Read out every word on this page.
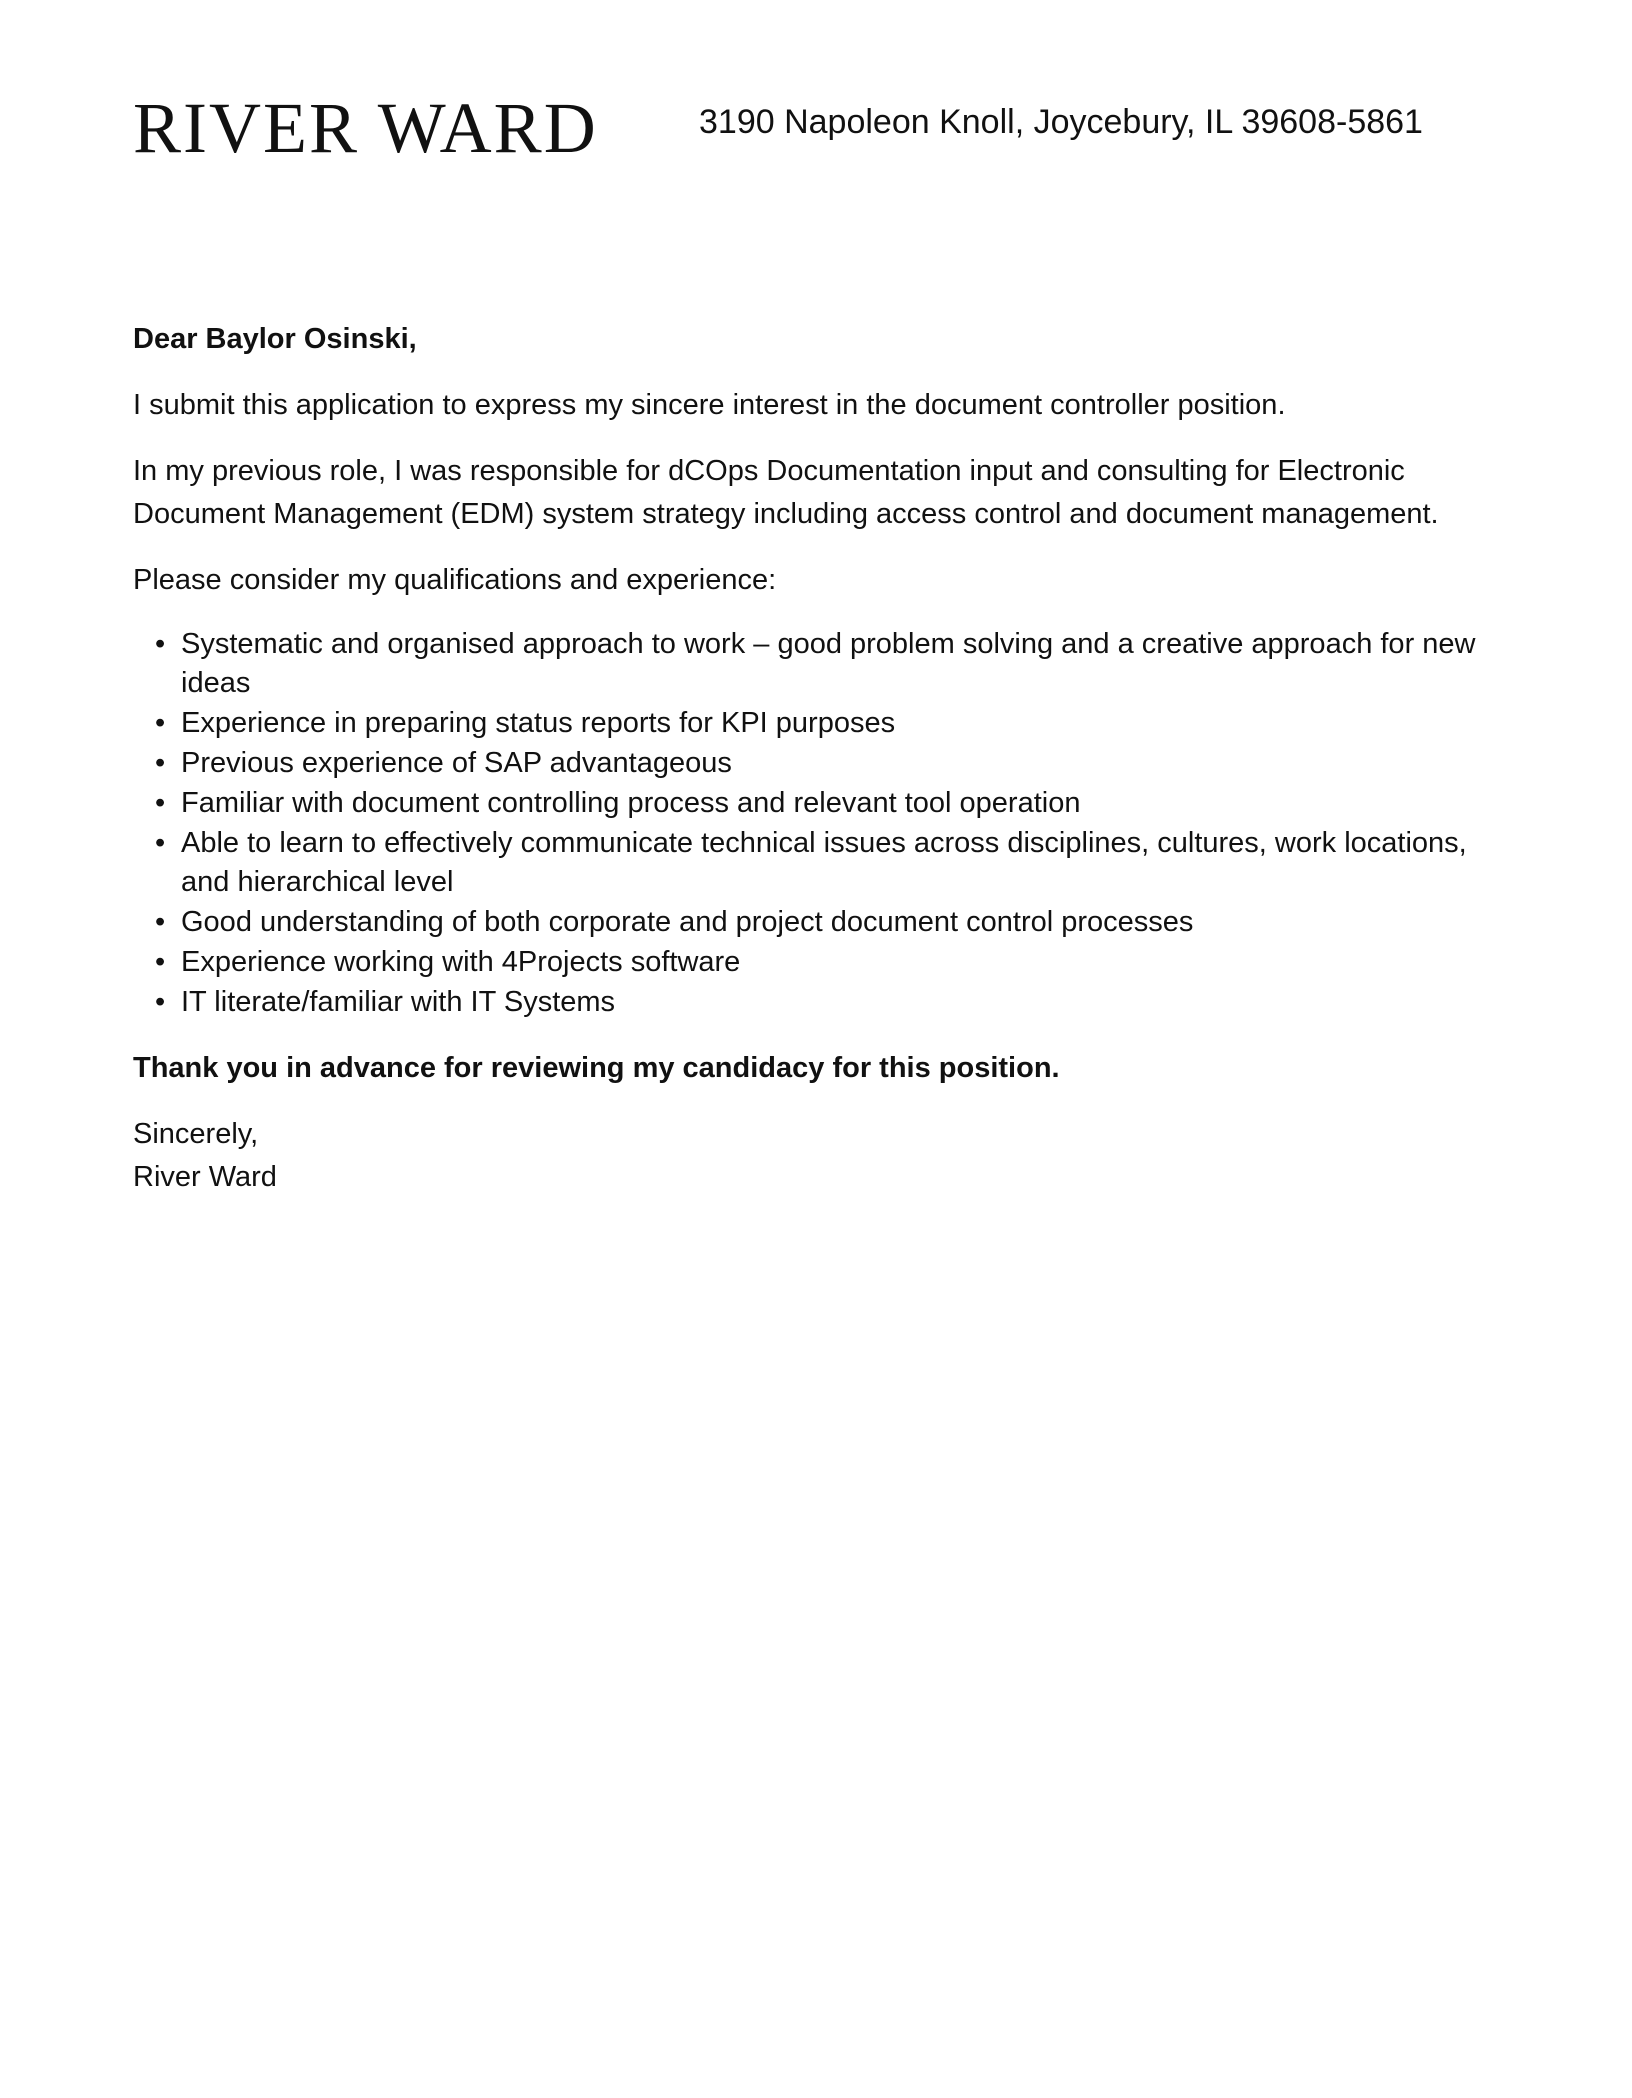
RIVER WARD	3190 Napoleon Knoll, Joycebury, IL 39608-5861

Dear Baylor Osinski,

I submit this application to express my sincere interest in the document controller position.

In my previous role, I was responsible for dCOps Documentation input and consulting for Electronic Document Management (EDM) system strategy including access control and document management.

Please consider my qualifications and experience:

• Systematic and organised approach to work – good problem solving and a creative approach for new ideas
• Experience in preparing status reports for KPI purposes
• Previous experience of SAP advantageous
• Familiar with document controlling process and relevant tool operation
• Able to learn to effectively communicate technical issues across disciplines, cultures, work locations, and hierarchical level
• Good understanding of both corporate and project document control processes
• Experience working with 4Projects software
• IT literate/familiar with IT Systems

Thank you in advance for reviewing my candidacy for this position.

Sincerely,

River Ward
